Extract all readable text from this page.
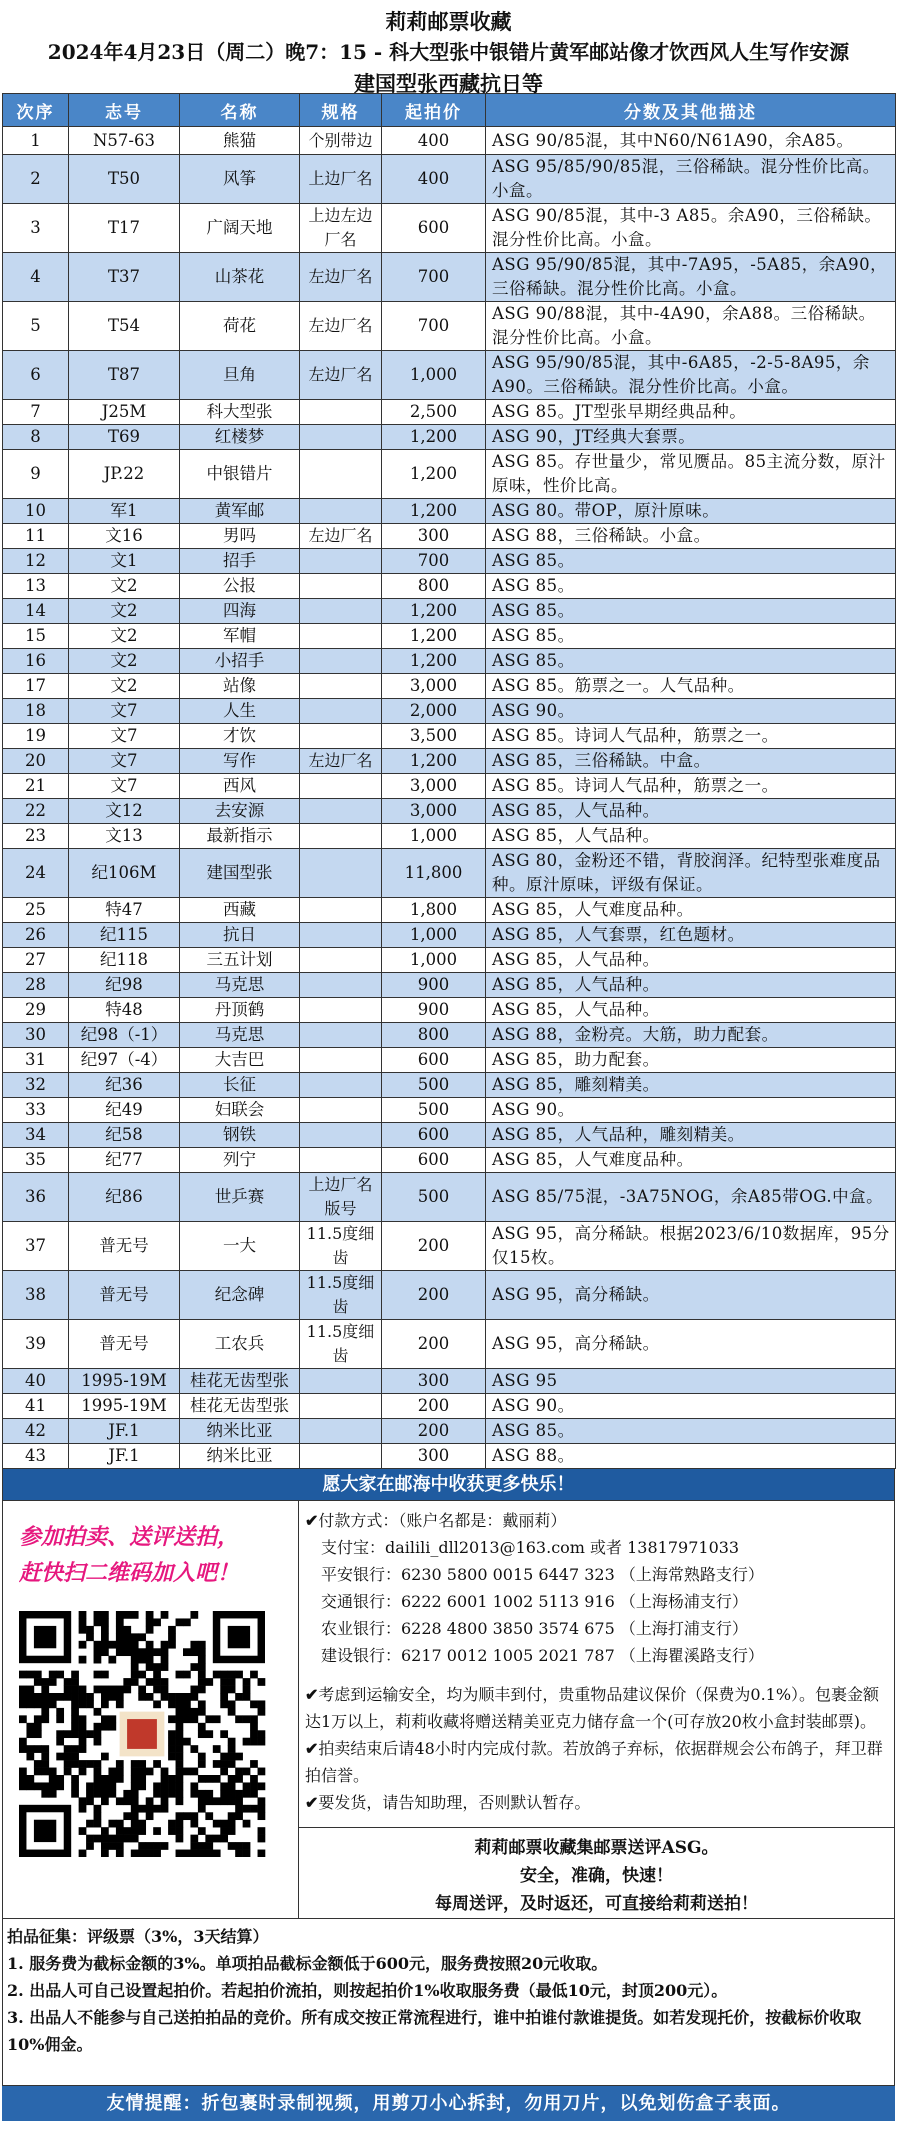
莉莉邮票收藏
2024年4月23日（周二）晚7：15 - 科大型张中银错片黄军邮站像才饮西风人生写作安源
建国型张西藏抗日等
次序	志号	名称	规格	起拍价	分数及其他描述
1	N57-63	熊猫	个别带边	400	ASG 90/85混，其中N60/N61A90，余A85。
2	T50	风筝	上边厂名	400	ASG 95/85/90/85混，三俗稀缺。混分性价比高。小盒。
3	T17	广阔天地	上边左边厂名	600	ASG 90/85混，其中-3 A85。余A90，三俗稀缺。混分性价比高。小盒。
4	T37	山茶花	左边厂名	700	ASG 95/90/85混，其中-7A95，-5A85，余A90，三俗稀缺。混分性价比高。小盒。
5	T54	荷花	左边厂名	700	ASG 90/88混，其中-4A90，余A88。三俗稀缺。混分性价比高。小盒。
6	T87	旦角	左边厂名	1,000	ASG 95/90/85混，其中-6A85，-2-5-8A95，余A90。三俗稀缺。混分性价比高。小盒。
7	J25M	科大型张		2,500	ASG 85。JT型张早期经典品种。
8	T69	红楼梦		1,200	ASG 90，JT经典大套票。
9	JP.22	中银错片		1,200	ASG 85。存世量少，常见赝品。85主流分数，原汁原味，性价比高。
10	军1	黄军邮		1,200	ASG 80。带OP，原汁原味。
11	文16	男吗	左边厂名	300	ASG 88，三俗稀缺。小盒。
12	文1	招手		700	ASG 85。
13	文2	公报		800	ASG 85。
14	文2	四海		1,200	ASG 85。
15	文2	军帽		1,200	ASG 85。
16	文2	小招手		1,200	ASG 85。
17	文2	站像		3,000	ASG 85。筋票之一。人气品种。
18	文7	人生		2,000	ASG 90。
19	文7	才饮		3,500	ASG 85。诗词人气品种，筋票之一。
20	文7	写作	左边厂名	1,200	ASG 85，三俗稀缺。中盒。
21	文7	西风		3,000	ASG 85。诗词人气品种，筋票之一。
22	文12	去安源		3,000	ASG 85，人气品种。
23	文13	最新指示		1,000	ASG 85，人气品种。
24	纪106M	建国型张		11,800	ASG 80，金粉还不错，背胶润泽。纪特型张难度品种。原汁原味，评级有保证。
25	特47	西藏		1,800	ASG 85，人气难度品种。
26	纪115	抗日		1,000	ASG 85，人气套票，红色题材。
27	纪118	三五计划		1,000	ASG 85，人气品种。
28	纪98	马克思		900	ASG 85，人气品种。
29	特48	丹顶鹤		900	ASG 85，人气品种。
30	纪98（-1）	马克思		800	ASG 88，金粉亮。大筋，助力配套。
31	纪97（-4）	大吉巴		600	ASG 85，助力配套。
32	纪36	长征		500	ASG 85，雕刻精美。
33	纪49	妇联会		500	ASG 90。
34	纪58	钢铁		600	ASG 85，人气品种，雕刻精美。
35	纪77	列宁		600	ASG 85，人气难度品种。
36	纪86	世乒赛	上边厂名版号	500	ASG 85/75混，-3A75NOG，余A85带OG.中盒。
37	普无号	一大	11.5度细齿	200	ASG 95，高分稀缺。根据2023/6/10数据库，95分仅15枚。
38	普无号	纪念碑	11.5度细齿	200	ASG 95，高分稀缺。
39	普无号	工农兵	11.5度细齿	200	ASG 95，高分稀缺。
40	1995-19M	桂花无齿型张		300	ASG 95
41	1995-19M	桂花无齿型张		200	ASG 90。
42	JF.1	纳米比亚		200	ASG 85。
43	JF.1	纳米比亚		300	ASG 88。
愿大家在邮海中收获更多快乐！
参加拍卖、送评送拍，
赶快扫二维码加入吧！
✔付款方式：（账户名都是：戴丽莉）
支付宝：dailili_dll2013@163.com 或者 13817971033
平安银行：6230 5800 0015 6447 323 （上海常熟路支行）
交通银行：6222 6001 1002 5113 916 （上海杨浦支行）
农业银行：6228 4800 3850 3574 675 （上海打浦支行）
建设银行：6217 0012 1005 2021 787 （上海瞿溪路支行）
✔考虑到运输安全，均为顺丰到付，贵重物品建议保价（保费为0.1%）。包裹金额达1万以上，莉莉收藏将赠送精美亚克力储存盒一个(可存放20枚小盒封装邮票)。
✔拍卖结束后请48小时内完成付款。若放鸽子弃标，依据群规会公布鸽子，拜卫群拍信誉。
✔要发货，请告知助理，否则默认暂存。
莉莉邮票收藏集邮票送评ASG。
安全，准确，快速！
每周送评，及时返还，可直接给莉莉送拍！
拍品征集：评级票（3%，3天结算）
1. 服务费为截标金额的3%。单项拍品截标金额低于600元，服务费按照20元收取。
2. 出品人可自己设置起拍价。若起拍价流拍，则按起拍价1%收取服务费（最低10元，封顶200元）。
3. 出品人不能参与自己送拍拍品的竞价。所有成交按正常流程进行，谁中拍谁付款谁提货。如若发现托价，按截标价收取10%佣金。
友情提醒：折包裹时录制视频，用剪刀小心拆封，勿用刀片，以免划伤盒子表面。
